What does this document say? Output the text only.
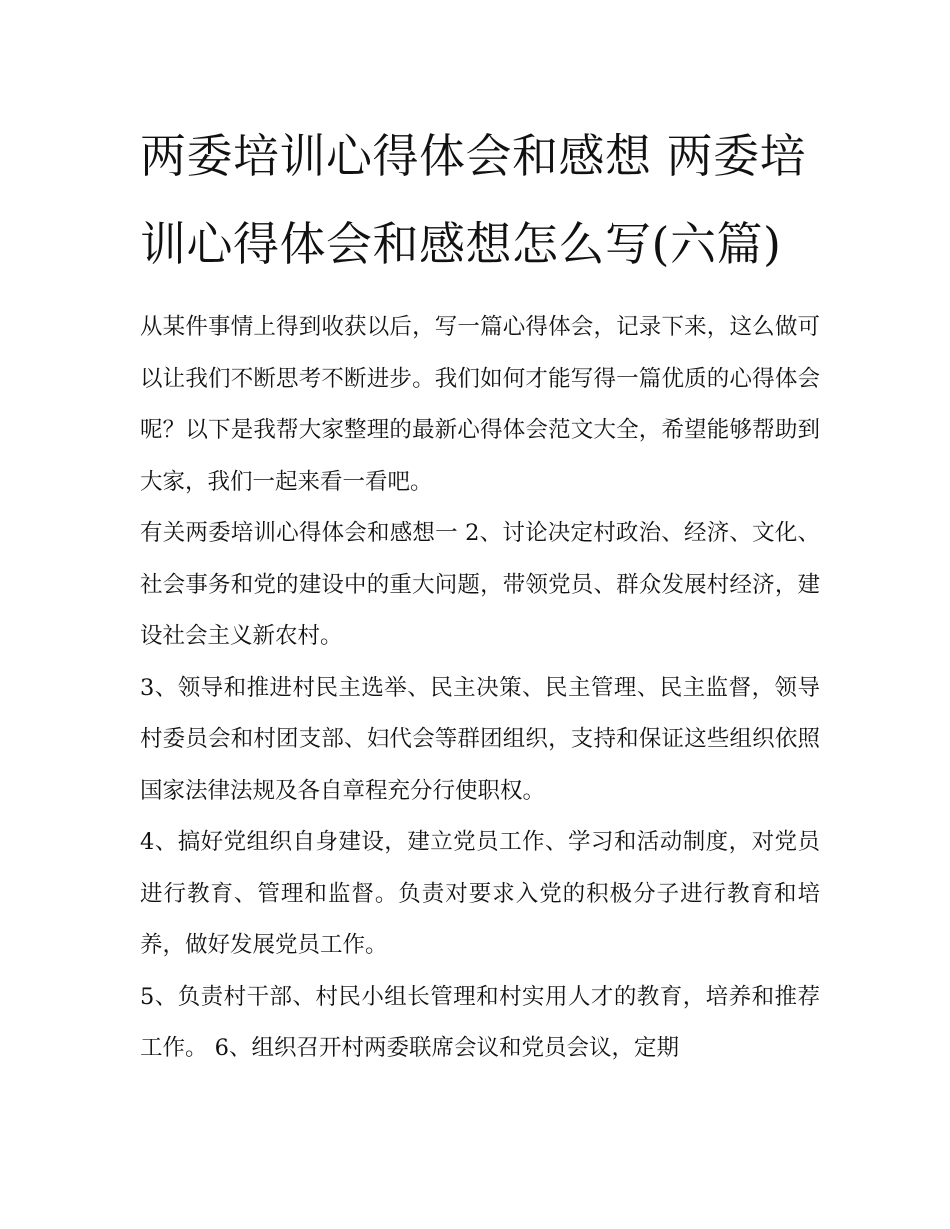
两委培训心得体会和感想 两委培训心得体会和感想怎么写(六篇)

从某件事情上得到收获以后，写一篇心得体会，记录下来，这么做可以让我们不断思考不断进步。我们如何才能写得一篇优质的心得体会呢？以下是我帮大家整理的最新心得体会范文大全，希望能够帮助到大家，我们一起来看一看吧。

有关两委培训心得体会和感想一 2、讨论决定村政治、经济、文化、社会事务和党的建设中的重大问题，带领党员、群众发展村经济，建设社会主义新农村。

3、领导和推进村民主选举、民主决策、民主管理、民主监督，领导村委员会和村团支部、妇代会等群团组织，支持和保证这些组织依照国家法律法规及各自章程充分行使职权。

4、搞好党组织自身建设，建立党员工作、学习和活动制度，对党员进行教育、管理和监督。负责对要求入党的积极分子进行教育和培养，做好发展党员工作。

5、负责村干部、村民小组长管理和村实用人才的教育，培养和推荐工作。 6、组织召开村两委联席会议和党员会议，定期
